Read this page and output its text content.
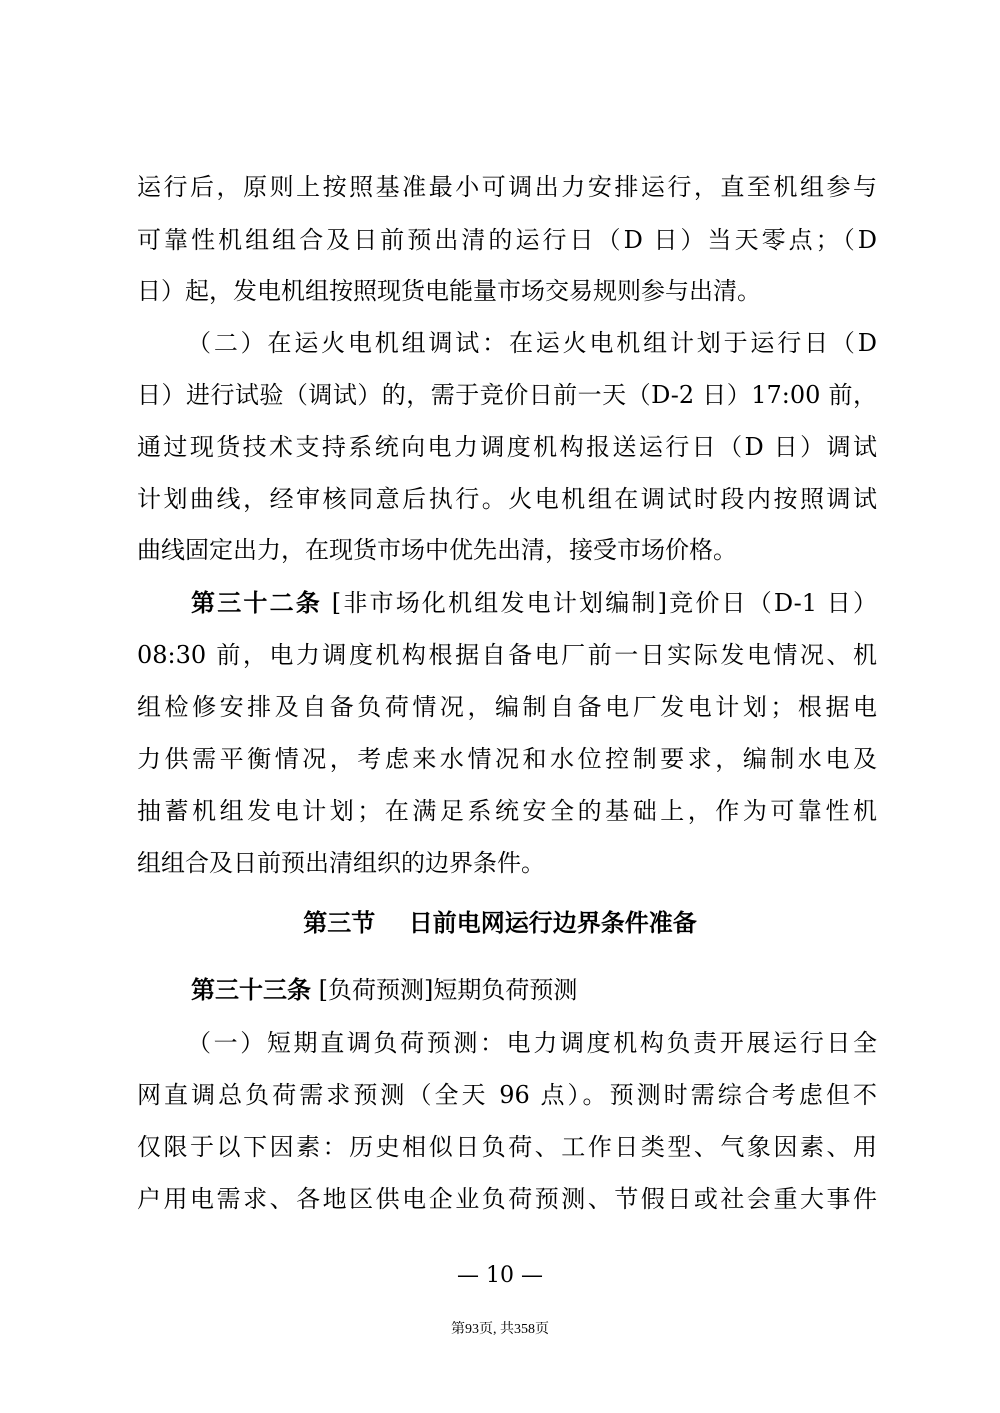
运行后，原则上按照基准最小可调出力安排运行，直至机组参与
可靠性机组组合及日前预出清的运行日（D 日）当天零点；（D
日）起，发电机组按照现货电能量市场交易规则参与出清。
（二）在运火电机组调试：在运火电机组计划于运行日（D
日）进行试验（调试）的，需于竞价日前一天（D-2 日）17:00 前，
通过现货技术支持系统向电力调度机构报送运行日（D 日）调试
计划曲线，经审核同意后执行。火电机组在调试时段内按照调试
曲线固定出力，在现货市场中优先出清，接受市场价格。
第三十二条 [非市场化机组发电计划编制]竞价日（D-1 日）
08:30 前，电力调度机构根据自备电厂前一日实际发电情况、机
组检修安排及自备负荷情况，编制自备电厂发电计划；根据电
力供需平衡情况，考虑来水情况和水位控制要求，编制水电及
抽蓄机组发电计划；在满足系统安全的基础上，作为可靠性机
组组合及日前预出清组织的边界条件。
第三节    日前电网运行边界条件准备
第三十三条 [负荷预测]短期负荷预测
（一）短期直调负荷预测：电力调度机构负责开展运行日全
网直调总负荷需求预测（全天 96 点）。预测时需综合考虑但不
仅限于以下因素：历史相似日负荷、工作日类型、气象因素、用
户用电需求、各地区供电企业负荷预测、节假日或社会重大事件
— 10 —
第93页, 共358页
